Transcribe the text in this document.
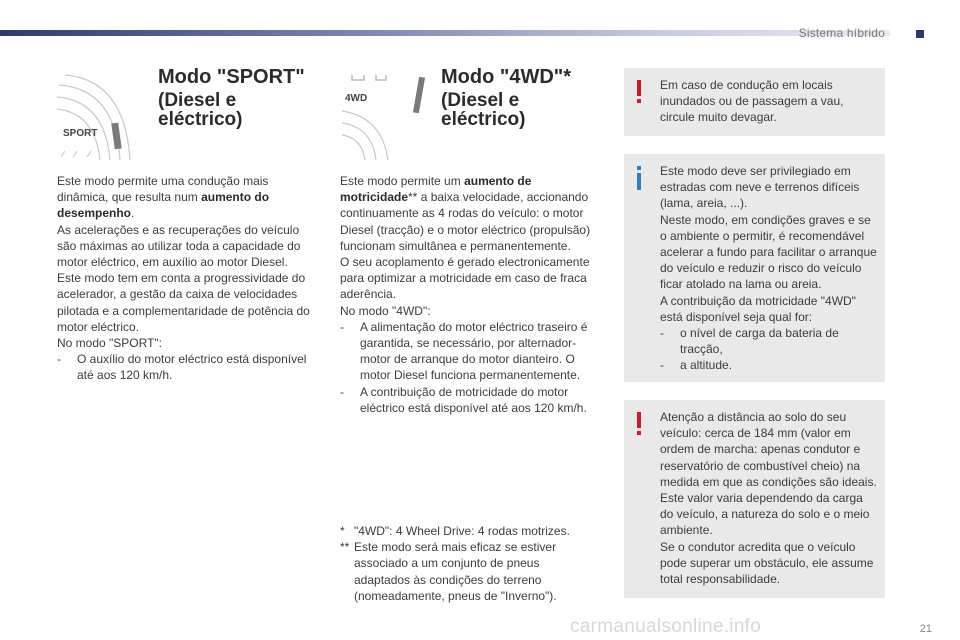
Sistema híbrido
SPORT
Modo "SPORT"
(Diesel e
eléctrico)
4WD
Modo "4WD"*
(Diesel e
eléctrico)

Este modo permite uma condução mais dinâmica, que resulta num aumento do desempenho.

As acelerações e as recuperações do veículo são máximas ao utilizar toda a capacidade do motor eléctrico, em auxílio ao motor Diesel.

Este modo tem em conta a progressividade do acelerador, a gestão da caixa de velocidades pilotada e a complementaridade de potência do motor eléctrico.

No modo "SPORT":

-	O auxílio do motor eléctrico está disponível até aos 120 km/h.

Este modo permite um aumento de motricidade** a baixa velocidade, accionando continuamente as 4 rodas do veículo: o motor Diesel (tracção) e o motor eléctrico (propulsão) funcionam simultânea e permanentemente.

O seu acoplamento é gerado electronicamente para optimizar a motricidade em caso de fraca aderência.

No modo "4WD":

-	A alimentação do motor eléctrico traseiro é garantida, se necessário, por alternador-motor de arranque do motor dianteiro. O motor Diesel funciona permanentemente.
-	A contribuição de motricidade do motor eléctrico está disponível até aos 120 km/h.
* "4WD": 4 Wheel Drive: 4 rodas motrizes.
** Este modo será mais eficaz se estiver associado a um conjunto de pneus adaptados às condições do terreno (nomeadamente, pneus de "Inverno").

Em caso de condução em locais inundados ou de passagem a vau, circule muito devagar.

Este modo deve ser privilegiado em estradas com neve e terrenos difíceis (lama, areia, ...).

Neste modo, em condições graves e se o ambiente o permitir, é recomendável acelerar a fundo para facilitar o arranque do veículo e reduzir o risco do veículo ficar atolado na lama ou areia.

A contribuição da motricidade "4WD" está disponível seja qual for:

-	o nível de carga da bateria de tracção,
-	a altitude.

Atenção a distância ao solo do seu veículo: cerca de 184 mm (valor em ordem de marcha: apenas condutor e reservatório de combustível cheio) na medida em que as condições são ideais. Este valor varia dependendo da carga do veículo, a natureza do solo e o meio ambiente.

Se o condutor acredita que o veículo pode superar um obstáculo, ele assume total responsabilidade.

carmanualsonline.info	21
